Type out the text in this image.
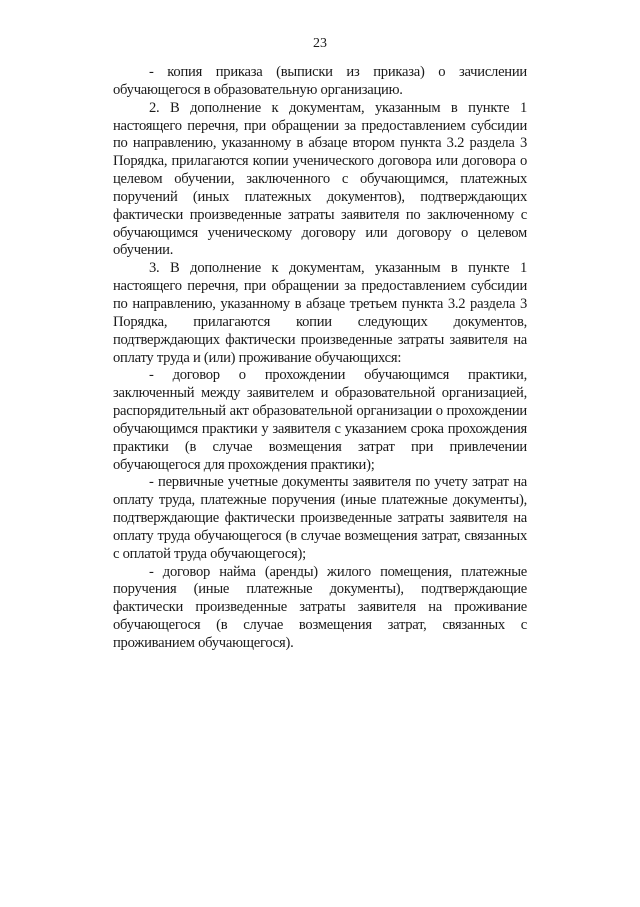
23

- копия приказа (выписки из приказа) о зачислении обучающегося в образовательную организацию.

2. В дополнение к документам, указанным в пункте 1 настоящего перечня, при обращении за предоставлением субсидии по направлению, указанному в абзаце втором пункта 3.2 раздела 3 Порядка, прилагаются копии ученического договора или договора о целевом обучении, заключенного с обучающимся, платежных поручений (иных платежных документов), подтверждающих фактически произведенные затраты заявителя по заключенному с обучающимся ученическому договору или договору о целевом обучении.

3. В дополнение к документам, указанным в пункте 1 настоящего перечня, при обращении за предоставлением субсидии по направлению, указанному в абзаце третьем пункта 3.2 раздела 3 Порядка, прилагаются копии следующих документов, подтверждающих фактически произведенные затраты заявителя на оплату труда и (или) проживание обучающихся:

- договор о прохождении обучающимся практики, заключенный между заявителем и образовательной организацией, распорядительный акт образовательной организации о прохождении обучающимся практики у заявителя с указанием срока прохождения практики (в случае возмещения затрат при привлечении обучающегося для прохождения практики);

- первичные учетные документы заявителя по учету затрат на оплату труда, платежные поручения (иные платежные документы), подтверждающие фактически произведенные затраты заявителя на оплату труда обучающегося (в случае возмещения затрат, связанных с оплатой труда обучающегося);

- договор найма (аренды) жилого помещения, платежные поручения (иные платежные документы), подтверждающие фактически произведенные затраты заявителя на проживание обучающегося (в случае возмещения затрат, связанных с проживанием обучающегося).
